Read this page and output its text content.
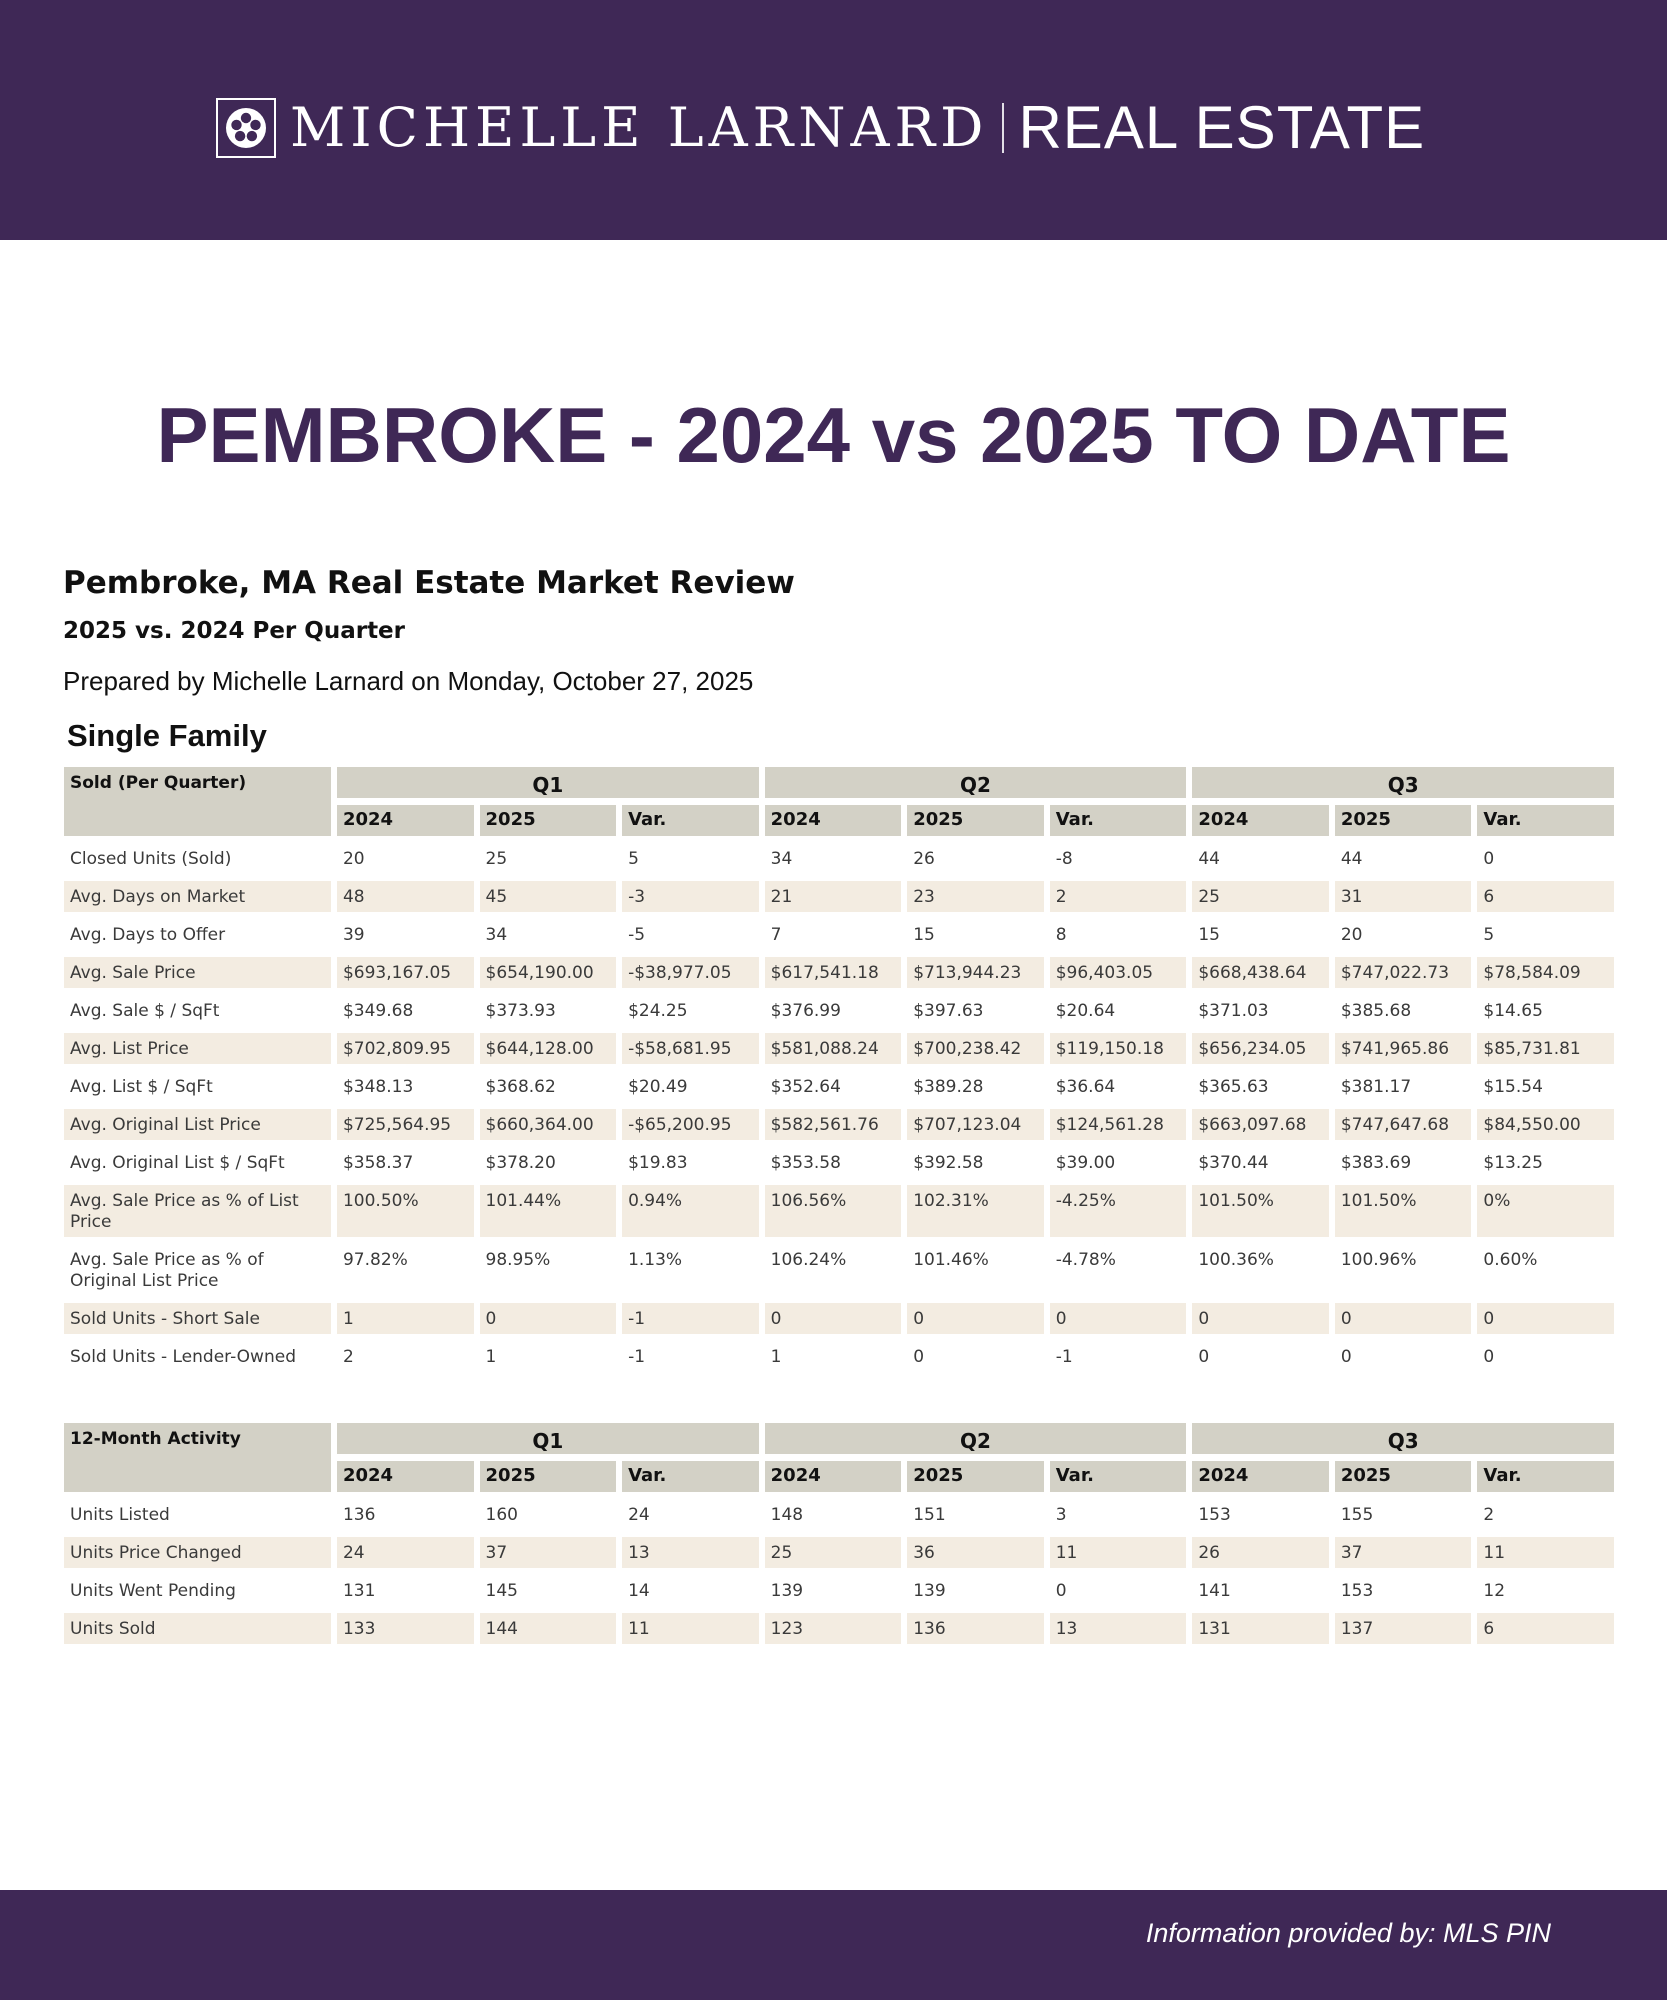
MICHELLE LARNARD REAL ESTATE
PEMBROKE - 2024 vs 2025 TO DATE
Pembroke, MA Real Estate Market Review
2025 vs. 2024 Per Quarter
Prepared by Michelle Larnard on Monday, October 27, 2025
Single Family
Sold (Per Quarter)	Q1			Q2			Q3		
	2024	2025	Var.	2024	2025	Var.	2024	2025	Var.
Closed Units (Sold)	20	25	5	34	26	-8	44	44	0
Avg. Days on Market	48	45	-3	21	23	2	25	31	6
Avg. Days to Offer	39	34	-5	7	15	8	15	20	5
Avg. Sale Price	$693,167.05	$654,190.00	-$38,977.05	$617,541.18	$713,944.23	$96,403.05	$668,438.64	$747,022.73	$78,584.09
Avg. Sale $ / SqFt	$349.68	$373.93	$24.25	$376.99	$397.63	$20.64	$371.03	$385.68	$14.65
Avg. List Price	$702,809.95	$644,128.00	-$58,681.95	$581,088.24	$700,238.42	$119,150.18	$656,234.05	$741,965.86	$85,731.81
Avg. List $ / SqFt	$348.13	$368.62	$20.49	$352.64	$389.28	$36.64	$365.63	$381.17	$15.54
Avg. Original List Price	$725,564.95	$660,364.00	-$65,200.95	$582,561.76	$707,123.04	$124,561.28	$663,097.68	$747,647.68	$84,550.00
Avg. Original List $ / SqFt	$358.37	$378.20	$19.83	$353.58	$392.58	$39.00	$370.44	$383.69	$13.25
Avg. Sale Price as % of List Price	100.50%	101.44%	0.94%	106.56%	102.31%	-4.25%	101.50%	101.50%	0%
Avg. Sale Price as % of Original List Price	97.82%	98.95%	1.13%	106.24%	101.46%	-4.78%	100.36%	100.96%	0.60%
Sold Units - Short Sale	1	0	-1	0	0	0	0	0	0
Sold Units - Lender-Owned	2	1	-1	1	0	-1	0	0	0
12-Month Activity	Q1			Q2			Q3		
	2024	2025	Var.	2024	2025	Var.	2024	2025	Var.
Units Listed	136	160	24	148	151	3	153	155	2
Units Price Changed	24	37	13	25	36	11	26	37	11
Units Went Pending	131	145	14	139	139	0	141	153	12
Units Sold	133	144	11	123	136	13	131	137	6
Information provided by: MLS PIN
